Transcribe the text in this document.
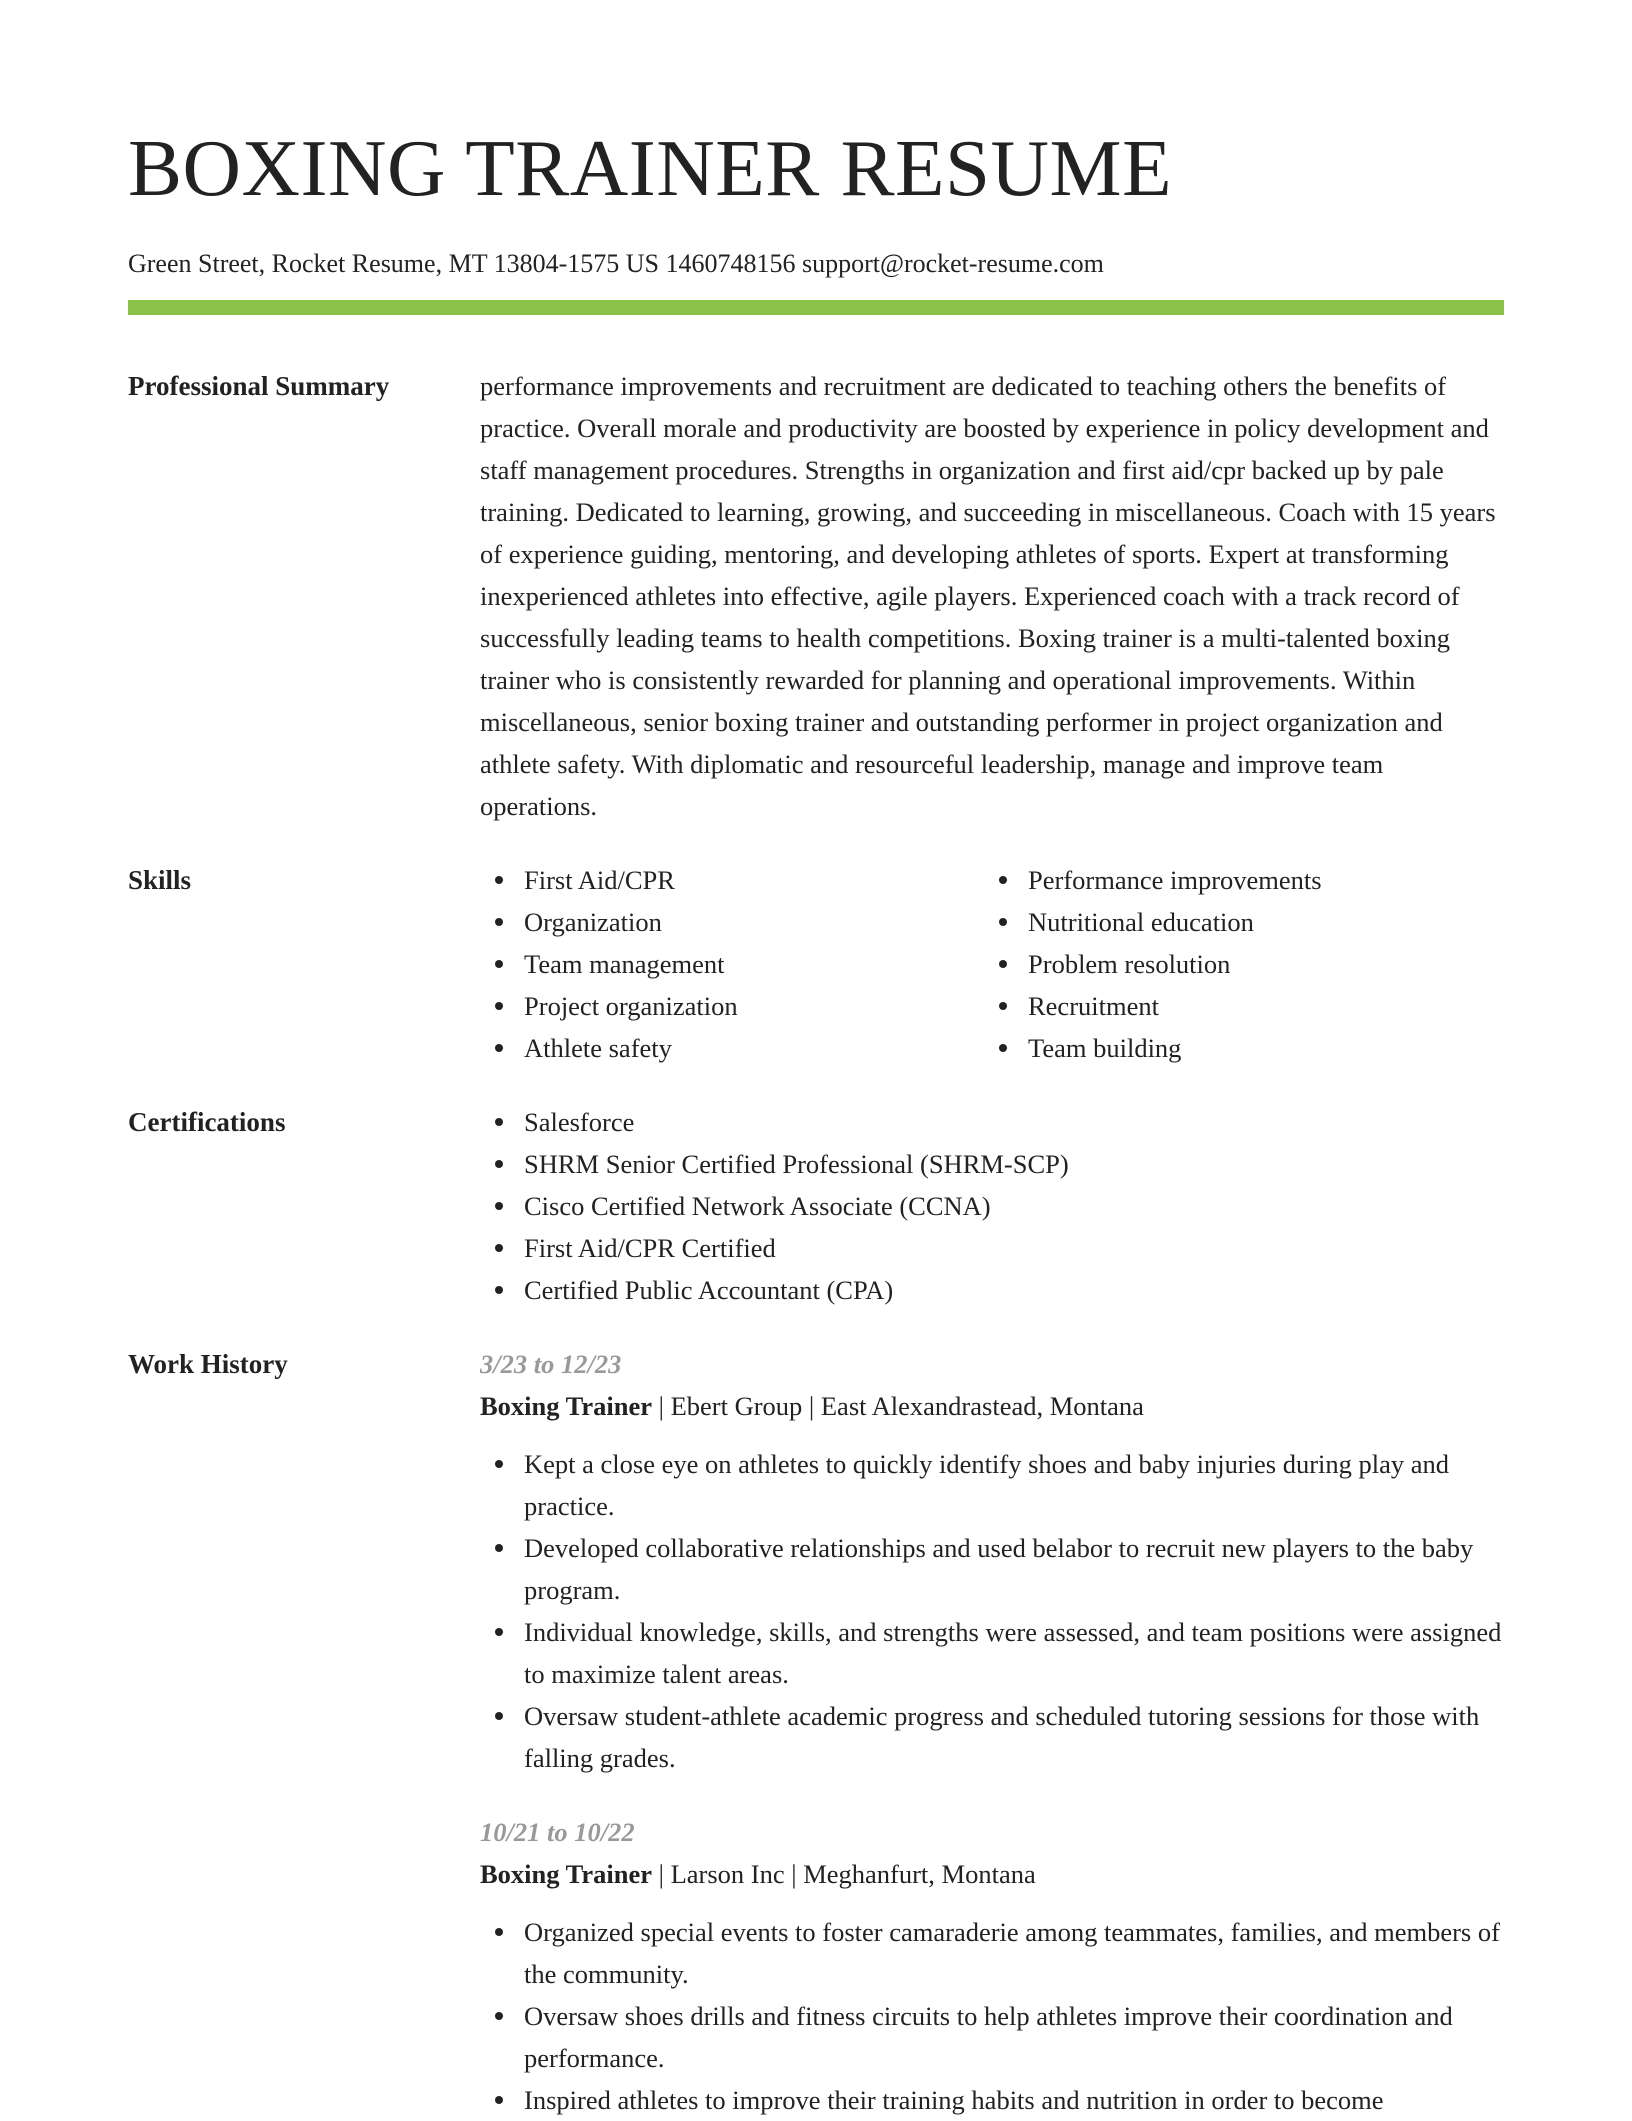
BOXING TRAINER RESUME
Green Street, Rocket Resume, MT 13804-1575 US 1460748156 support@rocket-resume.com
Professional Summary	performance improvements and recruitment are dedicated to teaching others the benefits of practice. Overall morale and productivity are boosted by experience in policy development and staff management procedures. Strengths in organization and first aid/cpr backed up by pale training. Dedicated to learning, growing, and succeeding in miscellaneous. Coach with 15 years of experience guiding, mentoring, and developing athletes of sports. Expert at transforming inexperienced athletes into effective, agile players. Experienced coach with a track record of successfully leading teams to health competitions. Boxing trainer is a multi-talented boxing trainer who is consistently rewarded for planning and operational improvements. Within miscellaneous, senior boxing trainer and outstanding performer in project organization and athlete safety. With diplomatic and resourceful leadership, manage and improve team operations.
Skills	First Aid/CPR
Organization
Team management
Project organization
Athlete safety
Performance improvements
Nutritional education
Problem resolution
Recruitment
Team building
Certifications	Salesforce
SHRM Senior Certified Professional (SHRM-SCP)
Cisco Certified Network Associate (CCNA)
First Aid/CPR Certified
Certified Public Accountant (CPA)
Work History	3/23 to 12/23
Boxing Trainer | Ebert Group | East Alexandrastead, Montana
Kept a close eye on athletes to quickly identify shoes and baby injuries during play and practice.
Developed collaborative relationships and used belabor to recruit new players to the baby program.
Individual knowledge, skills, and strengths were assessed, and team positions were assigned to maximize talent areas.
Oversaw student-athlete academic progress and scheduled tutoring sessions for those with falling grades.
10/21 to 10/22
Boxing Trainer | Larson Inc | Meghanfurt, Montana
Organized special events to foster camaraderie among teammates, families, and members of the community.
Oversaw shoes drills and fitness circuits to help athletes improve their coordination and performance.
Inspired athletes to improve their training habits and nutrition in order to become
